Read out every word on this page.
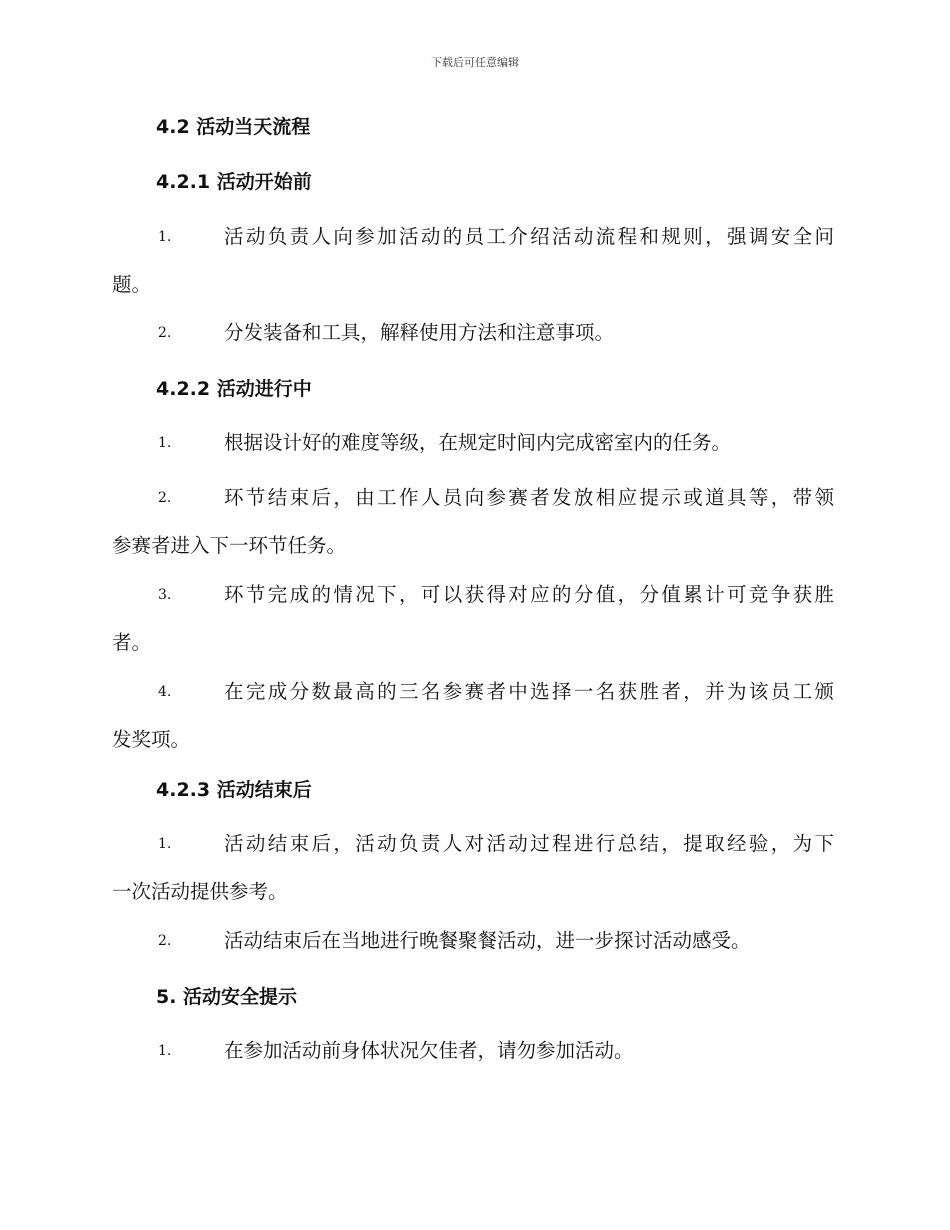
下载后可任意编辑
4.2 活动当天流程
4.2.1 活动开始前
1.	活动负责人向参加活动的员工介绍活动流程和规则，强调安全问
题。
2.	分发装备和工具，解释使用方法和注意事项。
4.2.2 活动进行中
1.	根据设计好的难度等级，在规定时间内完成密室内的任务。
2.	环节结束后，由工作人员向参赛者发放相应提示或道具等，带领
参赛者进入下一环节任务。
3.	环节完成的情况下，可以获得对应的分值，分值累计可竞争获胜
者。
4.	在完成分数最高的三名参赛者中选择一名获胜者，并为该员工颁
发奖项。
4.2.3 活动结束后
1.	活动结束后，活动负责人对活动过程进行总结，提取经验，为下
一次活动提供参考。
2.	活动结束后在当地进行晚餐聚餐活动，进一步探讨活动感受。
5. 活动安全提示
1.	在参加活动前身体状况欠佳者，请勿参加活动。
